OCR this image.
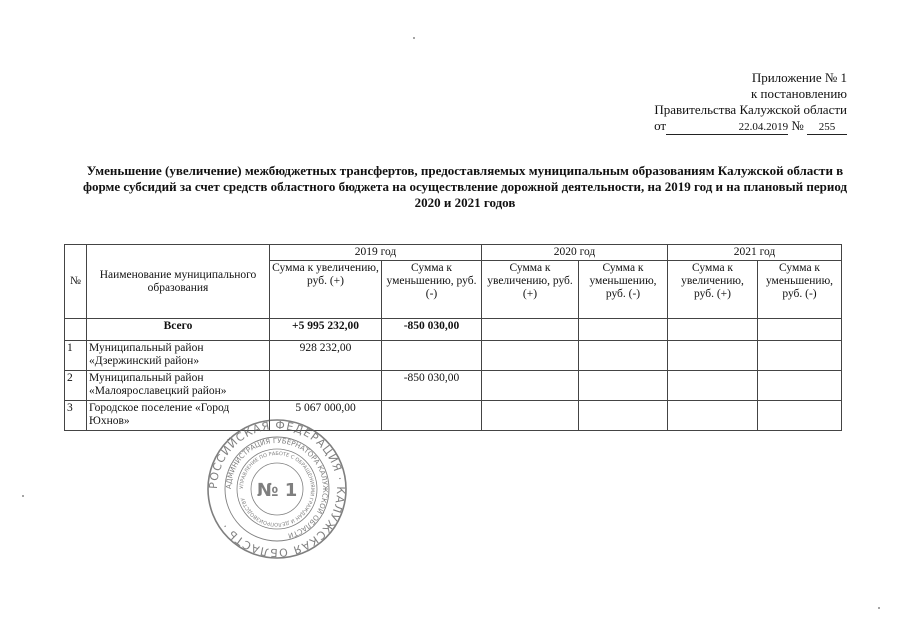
Приложение № 1
к постановлению
Правительства Калужской области
от	22.04.2019 № 255
Уменьшение (увеличение) межбюджетных трансфертов, предоставляемых муниципальным образованиям Калужской области в форме субсидий за счет средств областного бюджета на осуществление дорожной деятельности, на 2019 год и на плановый период 2020 и 2021 годов
№	Наименование муниципального образования	2019 год		2020 год		2021 год	
		Сумма к увеличению, руб. (+)	Сумма к уменьшению, руб. (-)	Сумма к увеличению, руб. (+)	Сумма к уменьшению, руб. (-)	Сумма к увеличению, руб. (+)	Сумма к уменьшению, руб. (-)
	Всего	+5 995 232,00	-850 030,00				
1	Муниципальный район «Дзержинский район»	928 232,00					
2	Муниципальный район «Малоярославецкий район»		-850 030,00				
3	Городское поселение «Город Юхнов»	5 067 000,00					
РОССИЙСКАЯ ФЕДЕРАЦИЯ · КАЛУЖСКАЯ ОБЛАСТЬ ·
АДМИНИСТРАЦИЯ ГУБЕРНАТОРА КАЛУЖСКОЙ ОБЛАСТИ
УПРАВЛЕНИЕ ПО РАБОТЕ С ОБРАЩЕНИЯМИ ГРАЖДАН И ДЕЛОПРОИЗВОДСТВУ № 1
